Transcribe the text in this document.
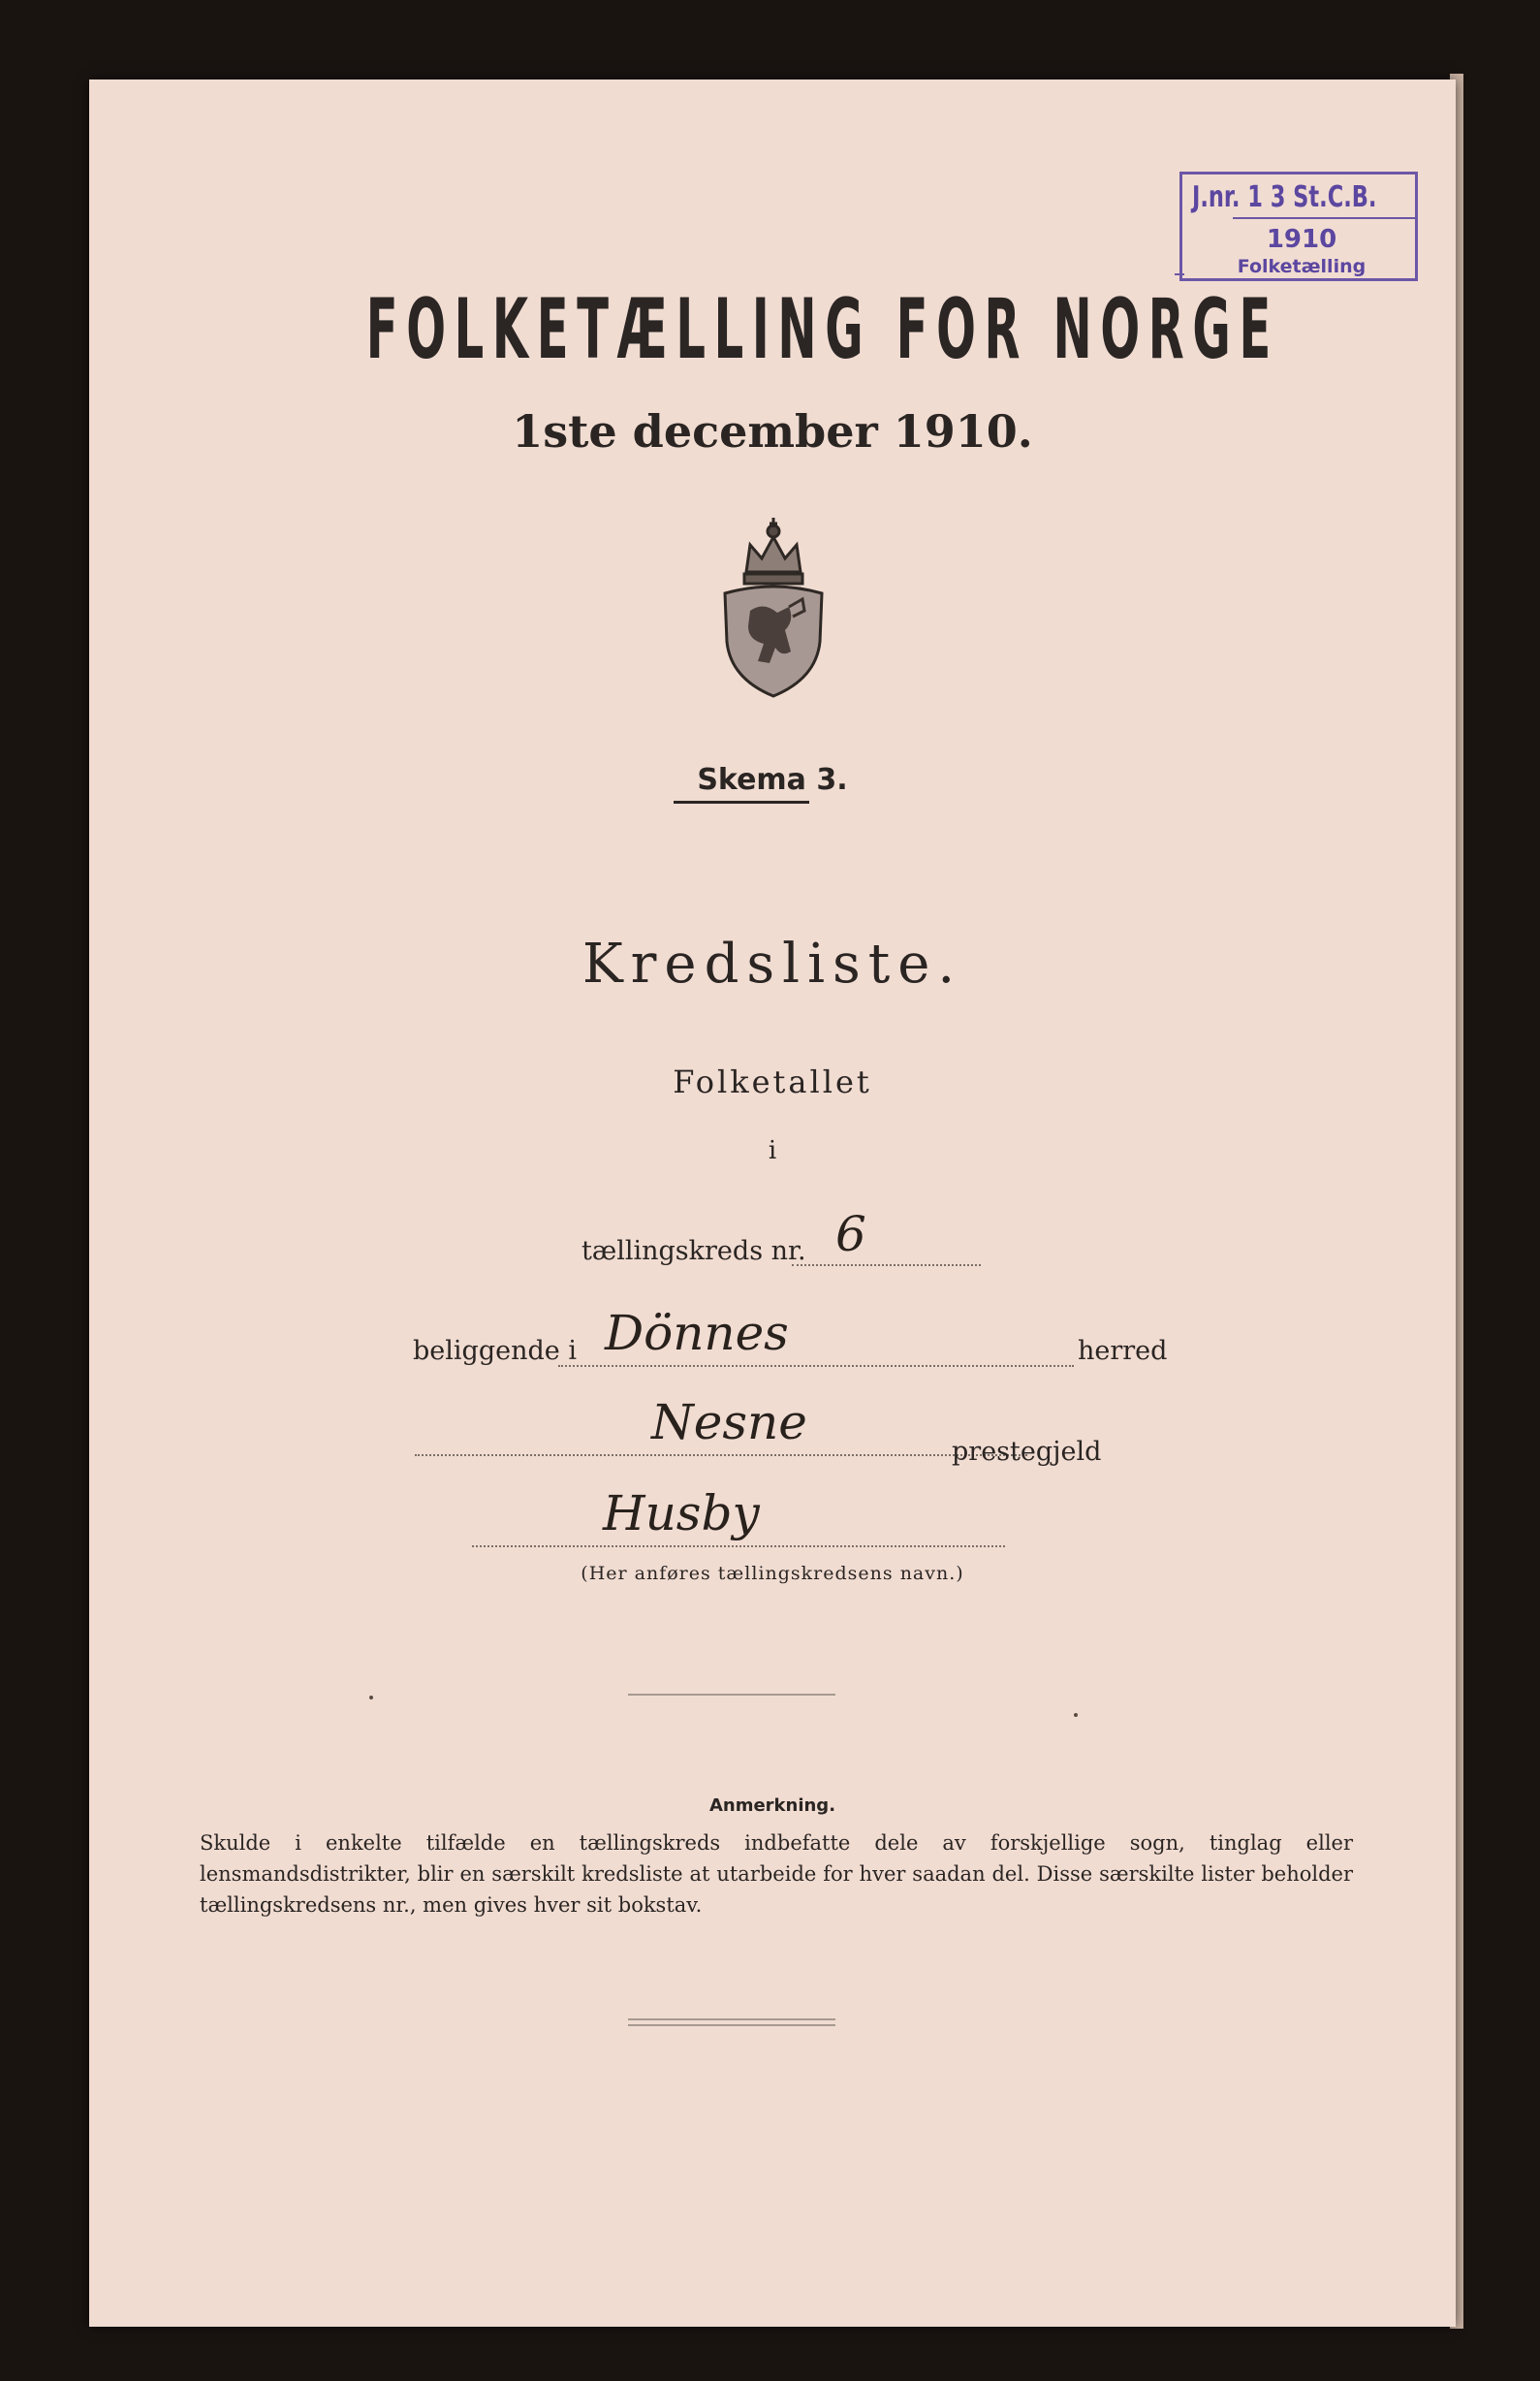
FOLKETÆLLING FOR NORGE
1ste december 1910.
Skema 3.
Kredsliste.
Folketallet
i
tællingskreds nr. 6
beliggende i Dönnes	herred
Nesne
prestegjeld
Husby
(Her anføres tællingskredsens navn.)
Anmerkning.
Skulde i enkelte tilfælde en tællingskreds indbefatte dele av forskjellige sogn, tinglag eller lensmandsdistrikter, blir en særskilt kredsliste at utarbeide for hver saadan del. Disse særskilte lister beholder tællingskredsens nr., men gives hver sit bokstav.
J.nr. 1 3 St.C.B.
1910
Folketælling
